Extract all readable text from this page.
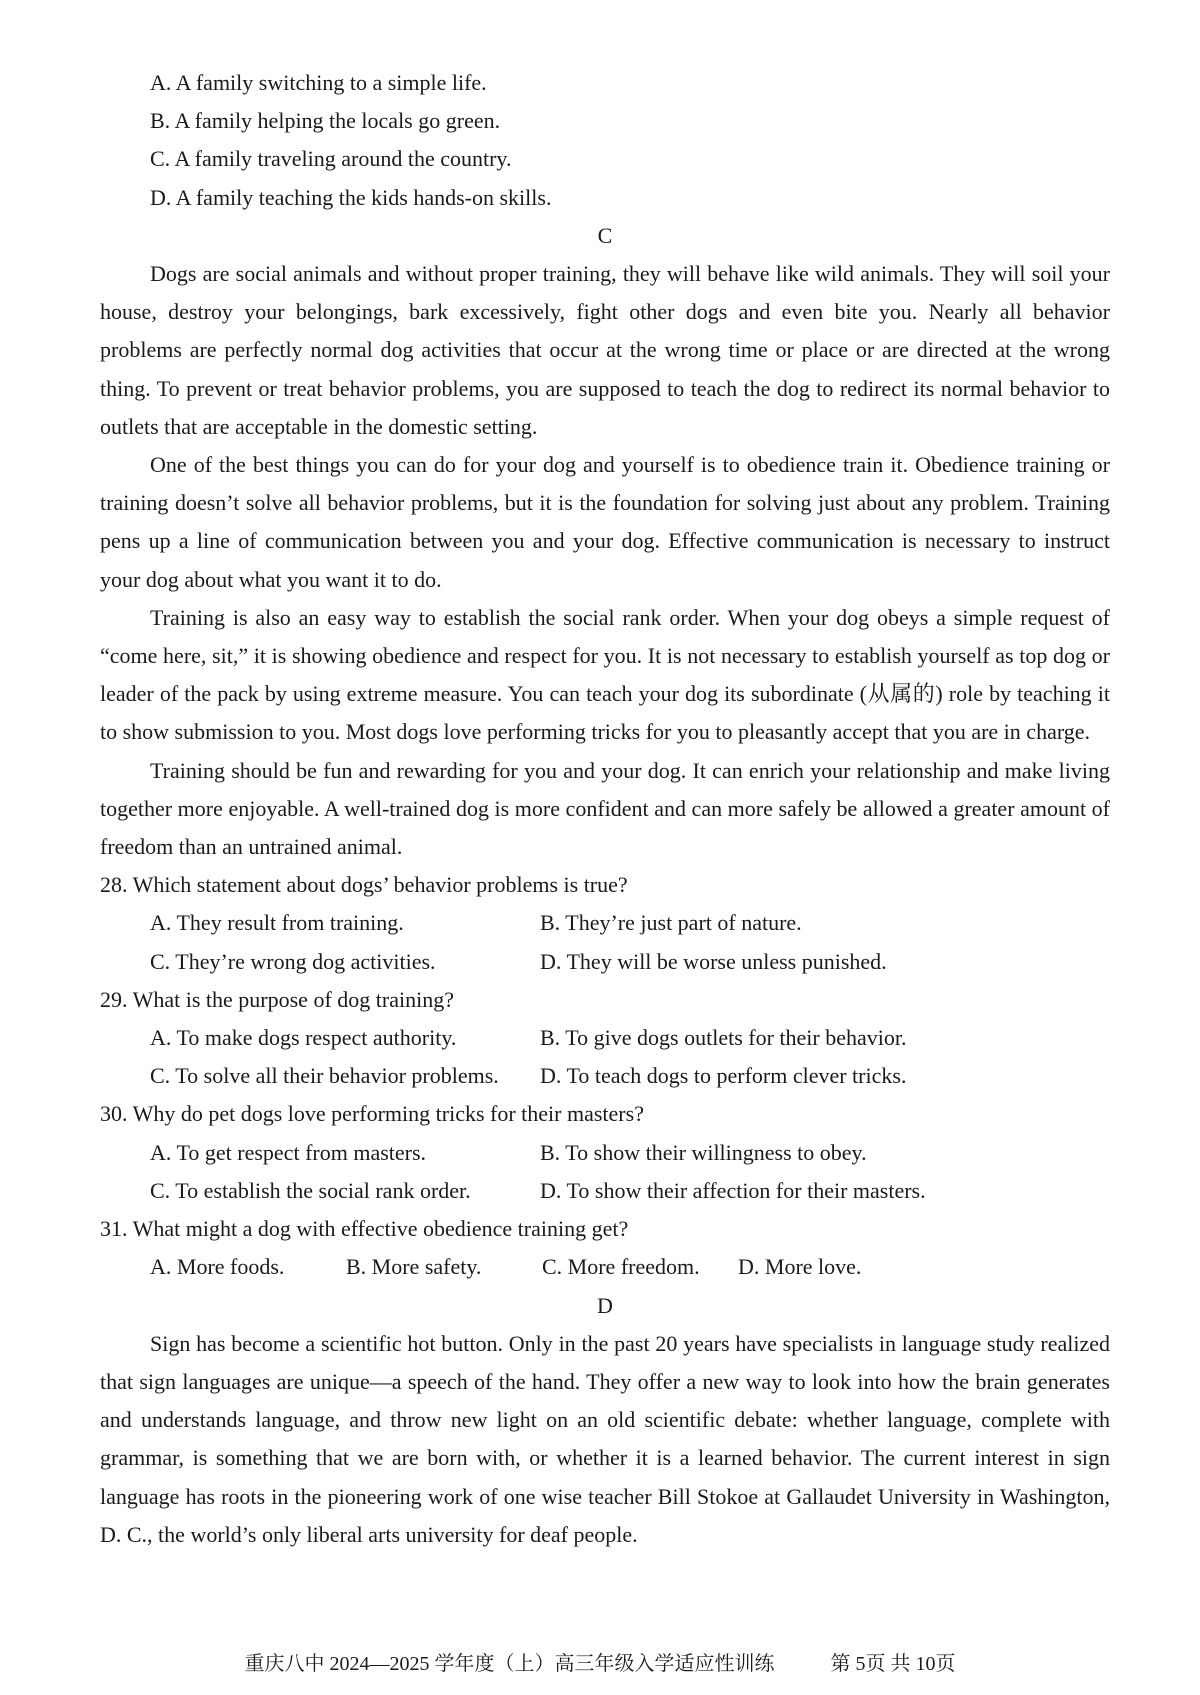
A. A family switching to a simple life.
B. A family helping the locals go green.
C. A family traveling around the country.
D. A family teaching the kids hands-on skills.
C

Dogs are social animals and without proper training, they will behave like wild animals. They will soil your house, destroy your belongings, bark excessively, fight other dogs and even bite you. Nearly all behavior problems are perfectly normal dog activities that occur at the wrong time or place or are directed at the wrong thing. To prevent or treat behavior problems, you are supposed to teach the dog to redirect its normal behavior to outlets that are acceptable in the domestic setting.

One of the best things you can do for your dog and yourself is to obedience train it. Obedience training or training doesn’t solve all behavior problems, but it is the foundation for solving just about any problem. Training pens up a line of communication between you and your dog. Effective communication is necessary to instruct your dog about what you want it to do.

Training is also an easy way to establish the social rank order. When your dog obeys a simple request of “come here, sit,” it is showing obedience and respect for you. It is not necessary to establish yourself as top dog or leader of the pack by using extreme measure. You can teach your dog its subordinate (从属的) role by teaching it to show submission to you. Most dogs love performing tricks for you to pleasantly accept that you are in charge.

Training should be fun and rewarding for you and your dog. It can enrich your relationship and make living together more enjoyable. A well-trained dog is more confident and can more safely be allowed a greater amount of freedom than an untrained animal.

28. Which statement about dogs’ behavior problems is true?
A. They result from training.	B. They’re just part of nature.
C. They’re wrong dog activities.	D. They will be worse unless punished.
29. What is the purpose of dog training?
A. To make dogs respect authority.	B. To give dogs outlets for their behavior.
C. To solve all their behavior problems.	D. To teach dogs to perform clever tricks.
30. Why do pet dogs love performing tricks for their masters?
A. To get respect from masters.	B. To show their willingness to obey.
C. To establish the social rank order.	D. To show their affection for their masters.
31. What might a dog with effective obedience training get?
A. More foods.	B. More safety.	C. More freedom.	D. More love.
D

Sign has become a scientific hot button. Only in the past 20 years have specialists in language study realized that sign languages are unique—a speech of the hand. They offer a new way to look into how the brain generates and understands language, and throw new light on an old scientific debate: whether language, complete with grammar, is something that we are born with, or whether it is a learned behavior. The current interest in sign language has roots in the pioneering work of one wise teacher Bill Stokoe at Gallaudet University in Washington, D. C., the world’s only liberal arts university for deaf people.

重庆八中 2024—2025 学年度（上）高三年级入学适应性训练	第 5页 共 10页
